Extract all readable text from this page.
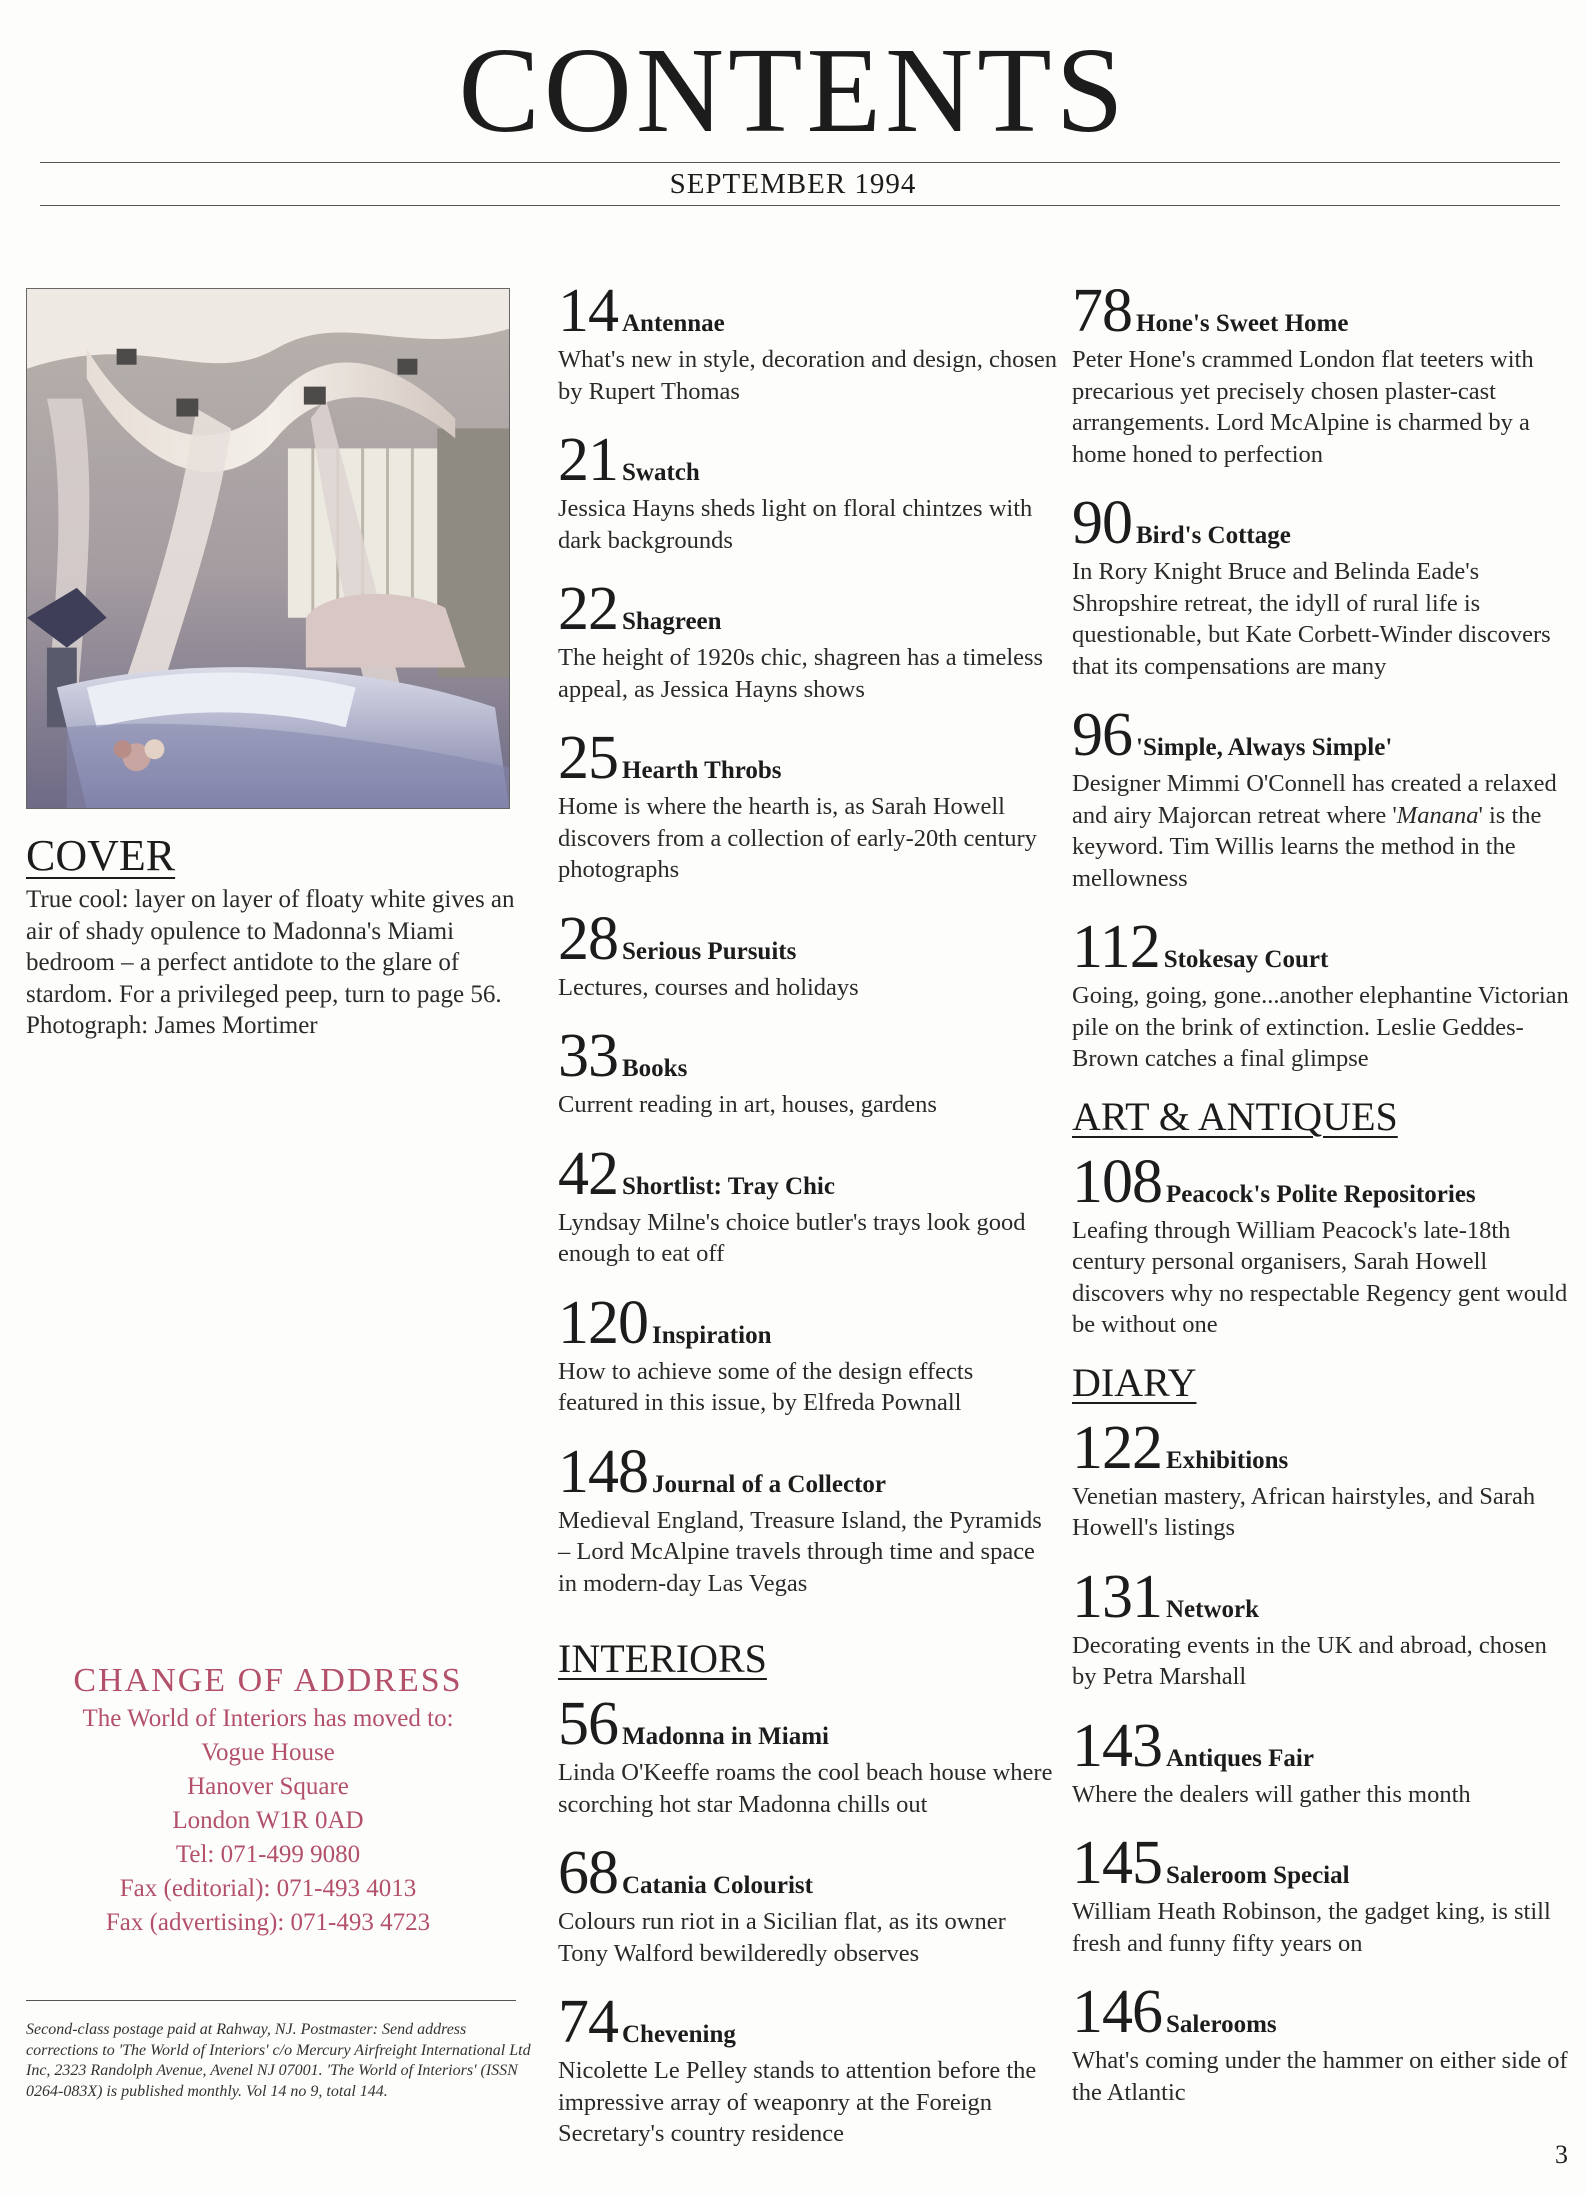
CONTENTS
SEPTEMBER 1994
COVER

True cool: layer on layer of floaty white gives an air of shady opulence to Madonna's Miami bedroom – a perfect antidote to the glare of stardom. For a privileged peep, turn to page 56. Photograph: James Mortimer

CHANGE OF ADDRESS
The World of Interiors has moved to:
Vogue House
Hanover Square
London W1R 0AD
Tel: 071-499 9080
Fax (editorial): 071-493 4013
Fax (advertising): 071-493 4723

Second-class postage paid at Rahway, NJ. Postmaster: Send address corrections to 'The World of Interiors' c/o Mercury Airfreight International Ltd Inc, 2323 Randolph Avenue, Avenel NJ 07001. 'The World of Interiors' (ISSN 0264-083X) is published monthly. Vol 14 no 9, total 144.

14 Antennae

What's new in style, decoration and design, chosen by Rupert Thomas

21 Swatch

Jessica Hayns sheds light on floral chintzes with dark backgrounds

22 Shagreen

The height of 1920s chic, shagreen has a timeless appeal, as Jessica Hayns shows

25 Hearth Throbs

Home is where the hearth is, as Sarah Howell discovers from a collection of early-20th century photographs

28 Serious Pursuits

Lectures, courses and holidays

33 Books

Current reading in art, houses, gardens

42 Shortlist: Tray Chic

Lyndsay Milne's choice butler's trays look good enough to eat off

120 Inspiration

How to achieve some of the design effects featured in this issue, by Elfreda Pownall

148 Journal of a Collector

Medieval England, Treasure Island, the Pyramids – Lord McAlpine travels through time and space in modern-day Las Vegas

INTERIORS
56 Madonna in Miami

Linda O'Keeffe roams the cool beach house where scorching hot star Madonna chills out

68 Catania Colourist

Colours run riot in a Sicilian flat, as its owner Tony Walford bewilderedly observes

74 Chevening

Nicolette Le Pelley stands to attention before the impressive array of weaponry at the Foreign Secretary's country residence

78 Hone's Sweet Home

Peter Hone's crammed London flat teeters with precarious yet precisely chosen plaster-cast arrangements. Lord McAlpine is charmed by a home honed to perfection

90 Bird's Cottage

In Rory Knight Bruce and Belinda Eade's Shropshire retreat, the idyll of rural life is questionable, but Kate Corbett-Winder discovers that its compensations are many

96 'Simple, Always Simple'

Designer Mimmi O'Connell has created a relaxed and airy Majorcan retreat where 'Manana' is the keyword. Tim Willis learns the method in the mellowness

112 Stokesay Court

Going, going, gone...another elephantine Victorian pile on the brink of extinction. Leslie Geddes-Brown catches a final glimpse

ART & ANTIQUES
108 Peacock's Polite Repositories

Leafing through William Peacock's late-18th century personal organisers, Sarah Howell discovers why no respectable Regency gent would be without one

DIARY
122 Exhibitions

Venetian mastery, African hairstyles, and Sarah Howell's listings

131 Network

Decorating events in the UK and abroad, chosen by Petra Marshall

143 Antiques Fair

Where the dealers will gather this month

145 Saleroom Special

William Heath Robinson, the gadget king, is still fresh and funny fifty years on

146 Salerooms

What's coming under the hammer on either side of the Atlantic

3
